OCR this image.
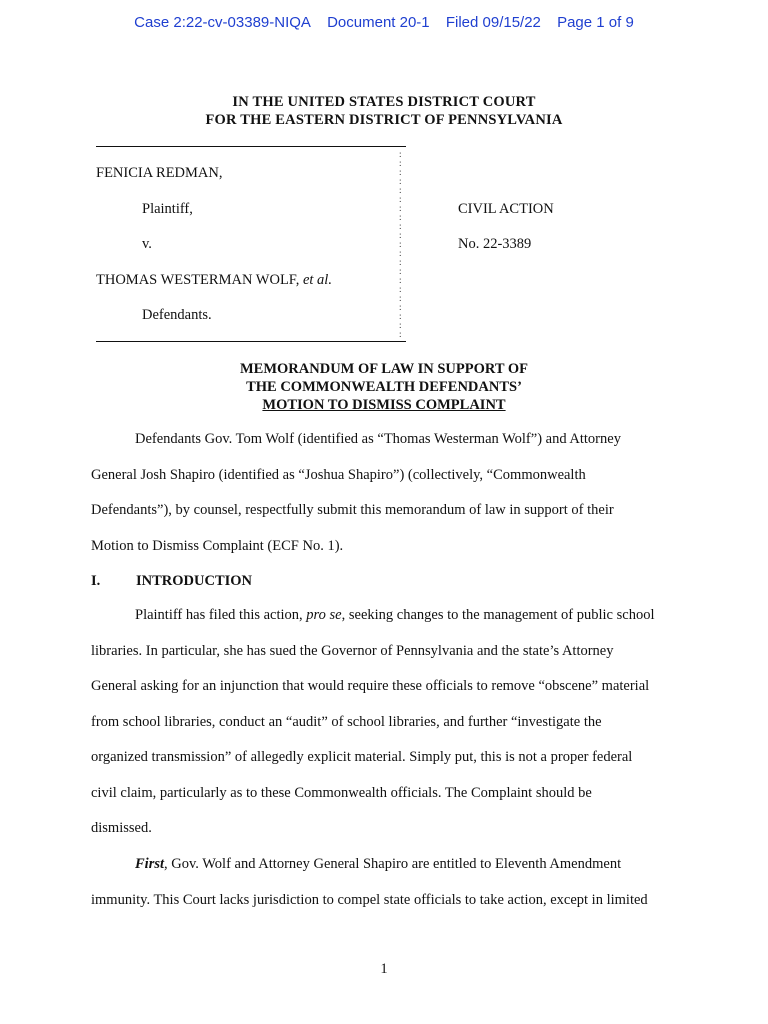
Case 2:22-cv-03389-NIQA Document 20-1 Filed 09/15/22 Page 1 of 9
IN THE UNITED STATES DISTRICT COURT
FOR THE EASTERN DISTRICT OF PENNSYLVANIA
:
:
:
:
:
:
:
:
:
:
:
:
:
:
:
:
:
:
:
:
:
FENICIA REDMAN,
Plaintiff,
v.
THOMAS WESTERMAN WOLF, et al.
Defendants.
CIVIL ACTION
No. 22-3389
MEMORANDUM OF LAW IN SUPPORT OF
THE COMMONWEALTH DEFENDANTS’
MOTION TO DISMISS COMPLAINT
Defendants Gov. Tom Wolf (identified as “Thomas Westerman Wolf”) and Attorney
General Josh Shapiro (identified as “Joshua Shapiro”) (collectively, “Commonwealth
Defendants”), by counsel, respectfully submit this memorandum of law in support of their
Motion to Dismiss Complaint (ECF No. 1).
I. INTRODUCTION
Plaintiff has filed this action, pro se, seeking changes to the management of public school
libraries. In particular, she has sued the Governor of Pennsylvania and the state’s Attorney
General asking for an injunction that would require these officials to remove “obscene” material
from school libraries, conduct an “audit” of school libraries, and further “investigate the
organized transmission” of allegedly explicit material. Simply put, this is not a proper federal
civil claim, particularly as to these Commonwealth officials. The Complaint should be
dismissed.
First, Gov. Wolf and Attorney General Shapiro are entitled to Eleventh Amendment
immunity. This Court lacks jurisdiction to compel state officials to take action, except in limited
1
